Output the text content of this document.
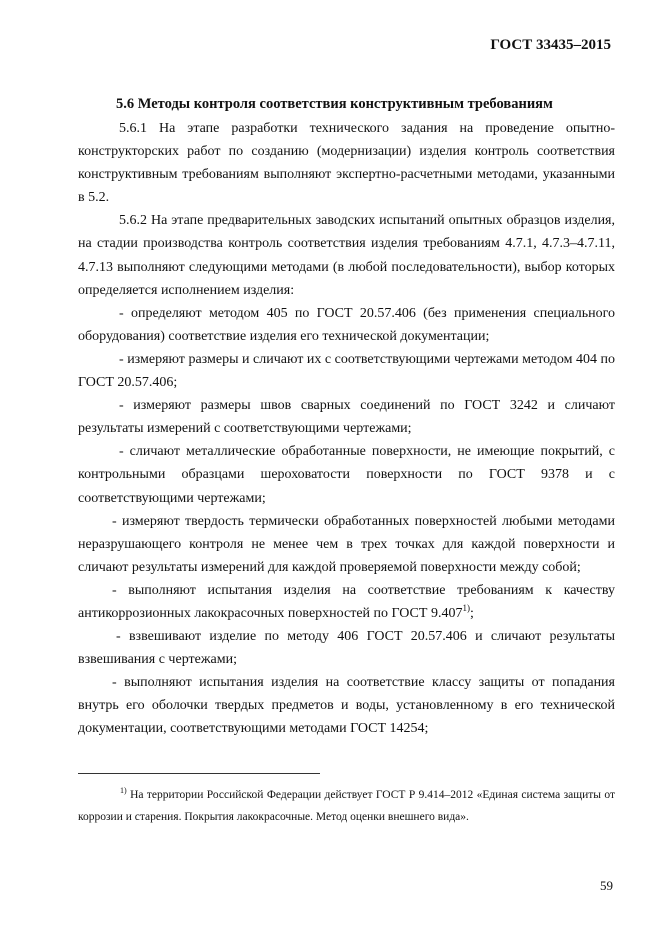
ГОСТ 33435–2015
5.6 Методы контроля соответствия конструктивным требованиям

5.6.1 На этапе разработки технического задания на проведение опытно-конструкторских работ по созданию (модернизации) изделия контроль соответствия конструктивным требованиям выполняют экспертно-расчетными методами, указанными в 5.2.

5.6.2 На этапе предварительных заводских испытаний опытных образцов изделия, на стадии производства контроль соответствия изделия требованиям 4.7.1, 4.7.3–4.7.11, 4.7.13 выполняют следующими методами (в любой последовательности), выбор которых определяется исполнением изделия:

- определяют методом 405 по ГОСТ 20.57.406 (без применения специального оборудования) соответствие изделия его технической документации;

- измеряют размеры и сличают их с соответствующими чертежами методом 404 по ГОСТ 20.57.406;

- измеряют размеры швов сварных соединений по ГОСТ 3242 и сличают результаты измерений с соответствующими чертежами;

- сличают металлические обработанные поверхности, не имеющие покрытий, с контрольными образцами шероховатости поверхности по ГОСТ 9378 и с соответствующими чертежами;

- измеряют твердость термически обработанных поверхностей любыми методами неразрушающего контроля не менее чем в трех точках для каждой поверхности и сличают результаты измерений для каждой проверяемой поверхности между собой;

- выполняют испытания изделия на соответствие требованиям к качеству антикоррозионных лакокрасочных поверхностей по ГОСТ 9.407$^{1)}$;

- взвешивают изделие по методу 406 ГОСТ 20.57.406 и сличают результаты взвешивания с чертежами;

- выполняют испытания изделия на соответствие классу защиты от попадания внутрь его оболочки твердых предметов и воды, установленному в его технической документации, соответствующими методами ГОСТ 14254;

$^{1)}$ На территории Российской Федерации действует ГОСТ Р 9.414–2012 «Единая система защиты от коррозии и старения. Покрытия лакокрасочные. Метод оценки внешнего вида».

59
